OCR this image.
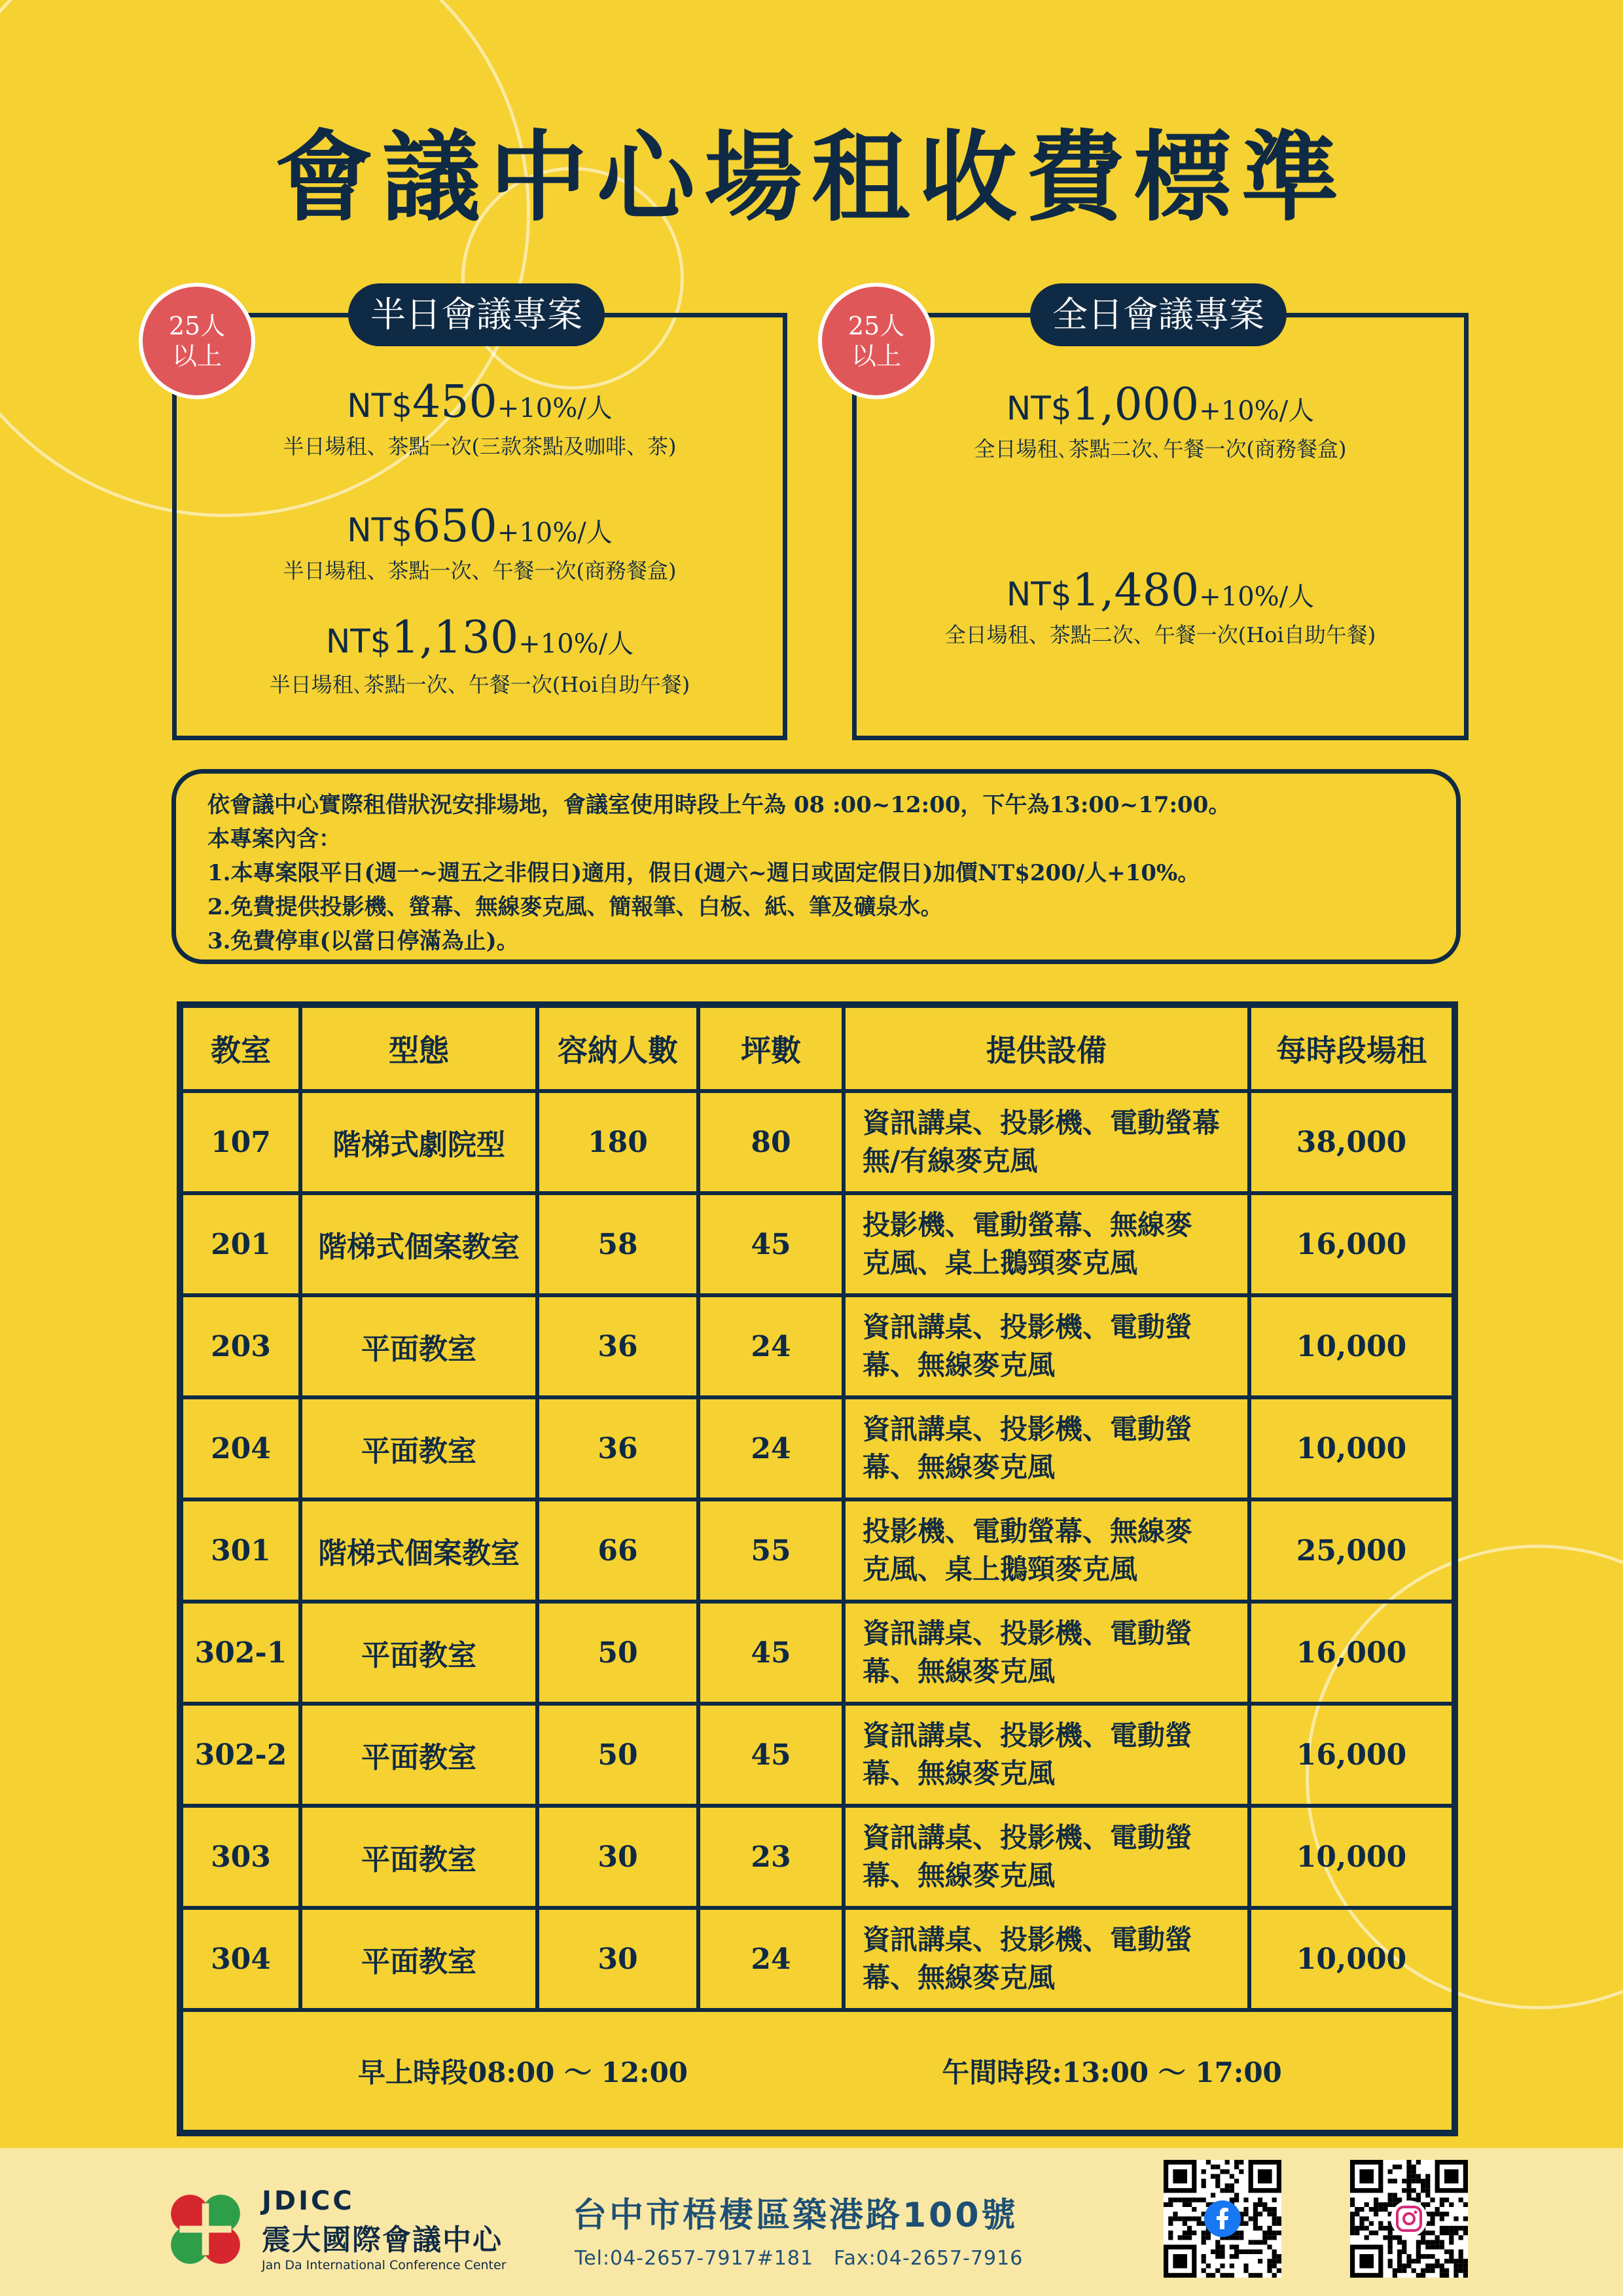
會議中心場租收費標準
半日會議專案
NT$450+10%/人
半日場租、茶點一次(三款茶點及咖啡、茶)
NT$650+10%/人
半日場租、茶點一次、午餐一次(商務餐盒)
NT$1,130+10%/人
半日場租､茶點一次、午餐一次(Hoi自助午餐)
25人
以上
全日會議專案
NT$1,000+10%/人
全日場租､茶點二次､午餐一次(商務餐盒)
NT$1,480+10%/人
全日場租、茶點二次、午餐一次(Hoi自助午餐)
25人
以上
依會議中心實際租借狀況安排場地，會議室使用時段上午為 08 :00~12:00，下午為13:00~17:00。
本專案內含：
1.本專案限平日(週一~週五之非假日)適用，假日(週六~週日或固定假日)加價NT$200/人+10%。
2.免費提供投影機、螢幕、無線麥克風、簡報筆、白板、紙、筆及礦泉水。
3.免費停車(以當日停滿為止)。
教室	型態	容納人數	坪數	提供設備	每時段場租
107	階梯式劇院型	180	80	資訊講桌、投影機、電動螢幕
無/有線麥克風	38,000
201	階梯式個案教室	58	45	投影機、電動螢幕、無線麥
克風、桌上鵝頸麥克風	16,000
203	平面教室	36	24	資訊講桌、投影機、電動螢
幕、無線麥克風	10,000
204	平面教室	36	24	資訊講桌、投影機、電動螢
幕、無線麥克風	10,000
301	階梯式個案教室	66	55	投影機、電動螢幕、無線麥
克風、桌上鵝頸麥克風	25,000
302-1	平面教室	50	45	資訊講桌、投影機、電動螢
幕、無線麥克風	16,000
302-2	平面教室	50	45	資訊講桌、投影機、電動螢
幕、無線麥克風	16,000
303	平面教室	30	23	資訊講桌、投影機、電動螢
幕、無線麥克風	10,000
304	平面教室	30	24	資訊講桌、投影機、電動螢
幕、無線麥克風	10,000
早上時段08:00 ～ 12:00 午間時段:13:00 ～ 17:00					
JDICC
震大國際會議中心
Jan Da International Conference Center
台中市梧棲區築港路100號
Tel:04-2657-7917#181　Fax:04-2657-7916
